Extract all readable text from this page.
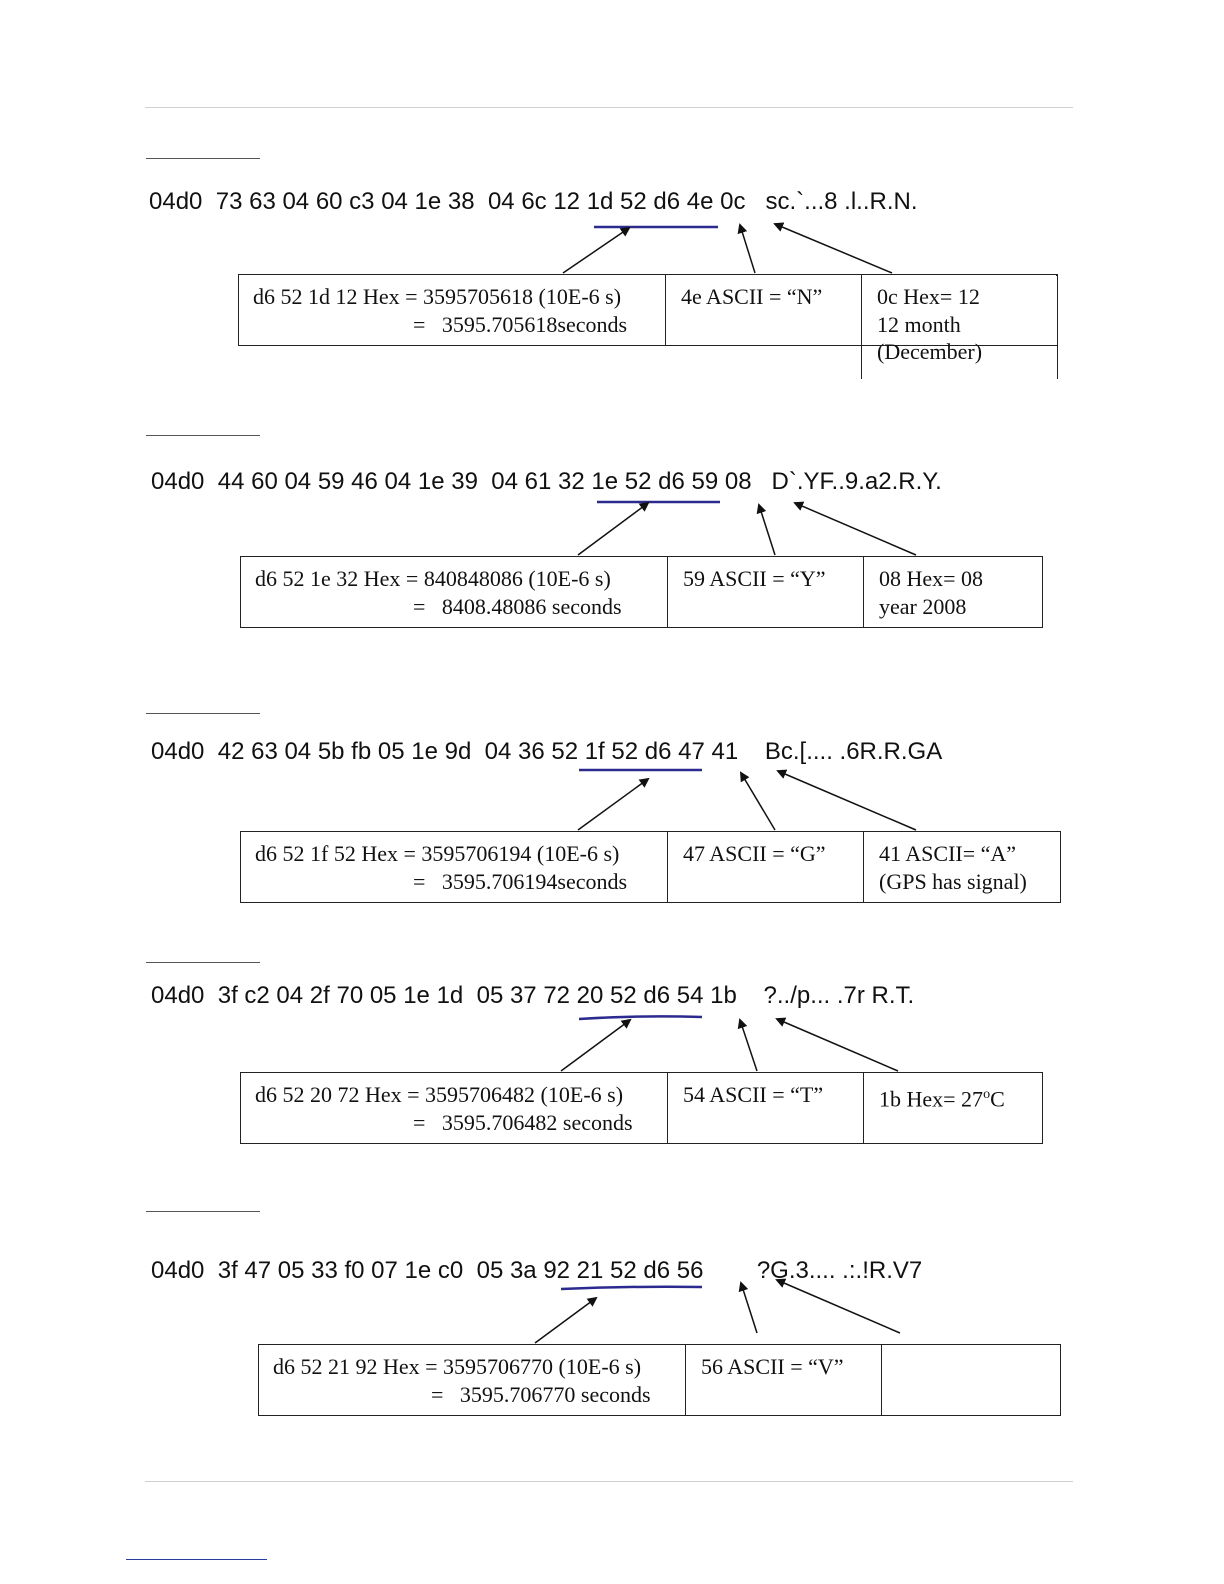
04d0  73 63 04 60 c3 04 1e 38  04 6c 12 1d 52 d6 4e 0c   sc.`...8 .l..R.N.
d6 52 1d 12 Hex = 3595705618 (10E-6 s)
=   3595.705618seconds
4e ASCII = “N” 0c Hex= 12
12 month
(December)
04d0  44 60 04 59 46 04 1e 39  04 61 32 1e 52 d6 59 08   D`.YF..9.a2.R.Y.
d6 52 1e 32 Hex = 840848086 (10E-6 s)
=   8408.48086 seconds
59 ASCII = “Y” 08 Hex= 08
year 2008
04d0  42 63 04 5b fb 05 1e 9d  04 36 52 1f 52 d6 47 41    Bc.[.... .6R.R.GA
d6 52 1f 52 Hex = 3595706194 (10E-6 s)
=   3595.706194seconds
47 ASCII = “G” 41 ASCII= “A”
(GPS has signal)
04d0  3f c2 04 2f 70 05 1e 1d  05 37 72 20 52 d6 54 1b    ?../p... .7r R.T.
d6 52 20 72 Hex = 3595706482 (10E-6 s)
=   3595.706482 seconds
54 ASCII = “T”	1b $Hex= 27^oC$
04d0  3f 47 05 33 f0 07 1e c0  05 3a 92 21 52 d6 56        ?G.3.... .:.!R.V7
d6 52 21 92 Hex = 3595706770 (10E-6 s)
=   3595.706770 seconds
56 ASCII = “V”
